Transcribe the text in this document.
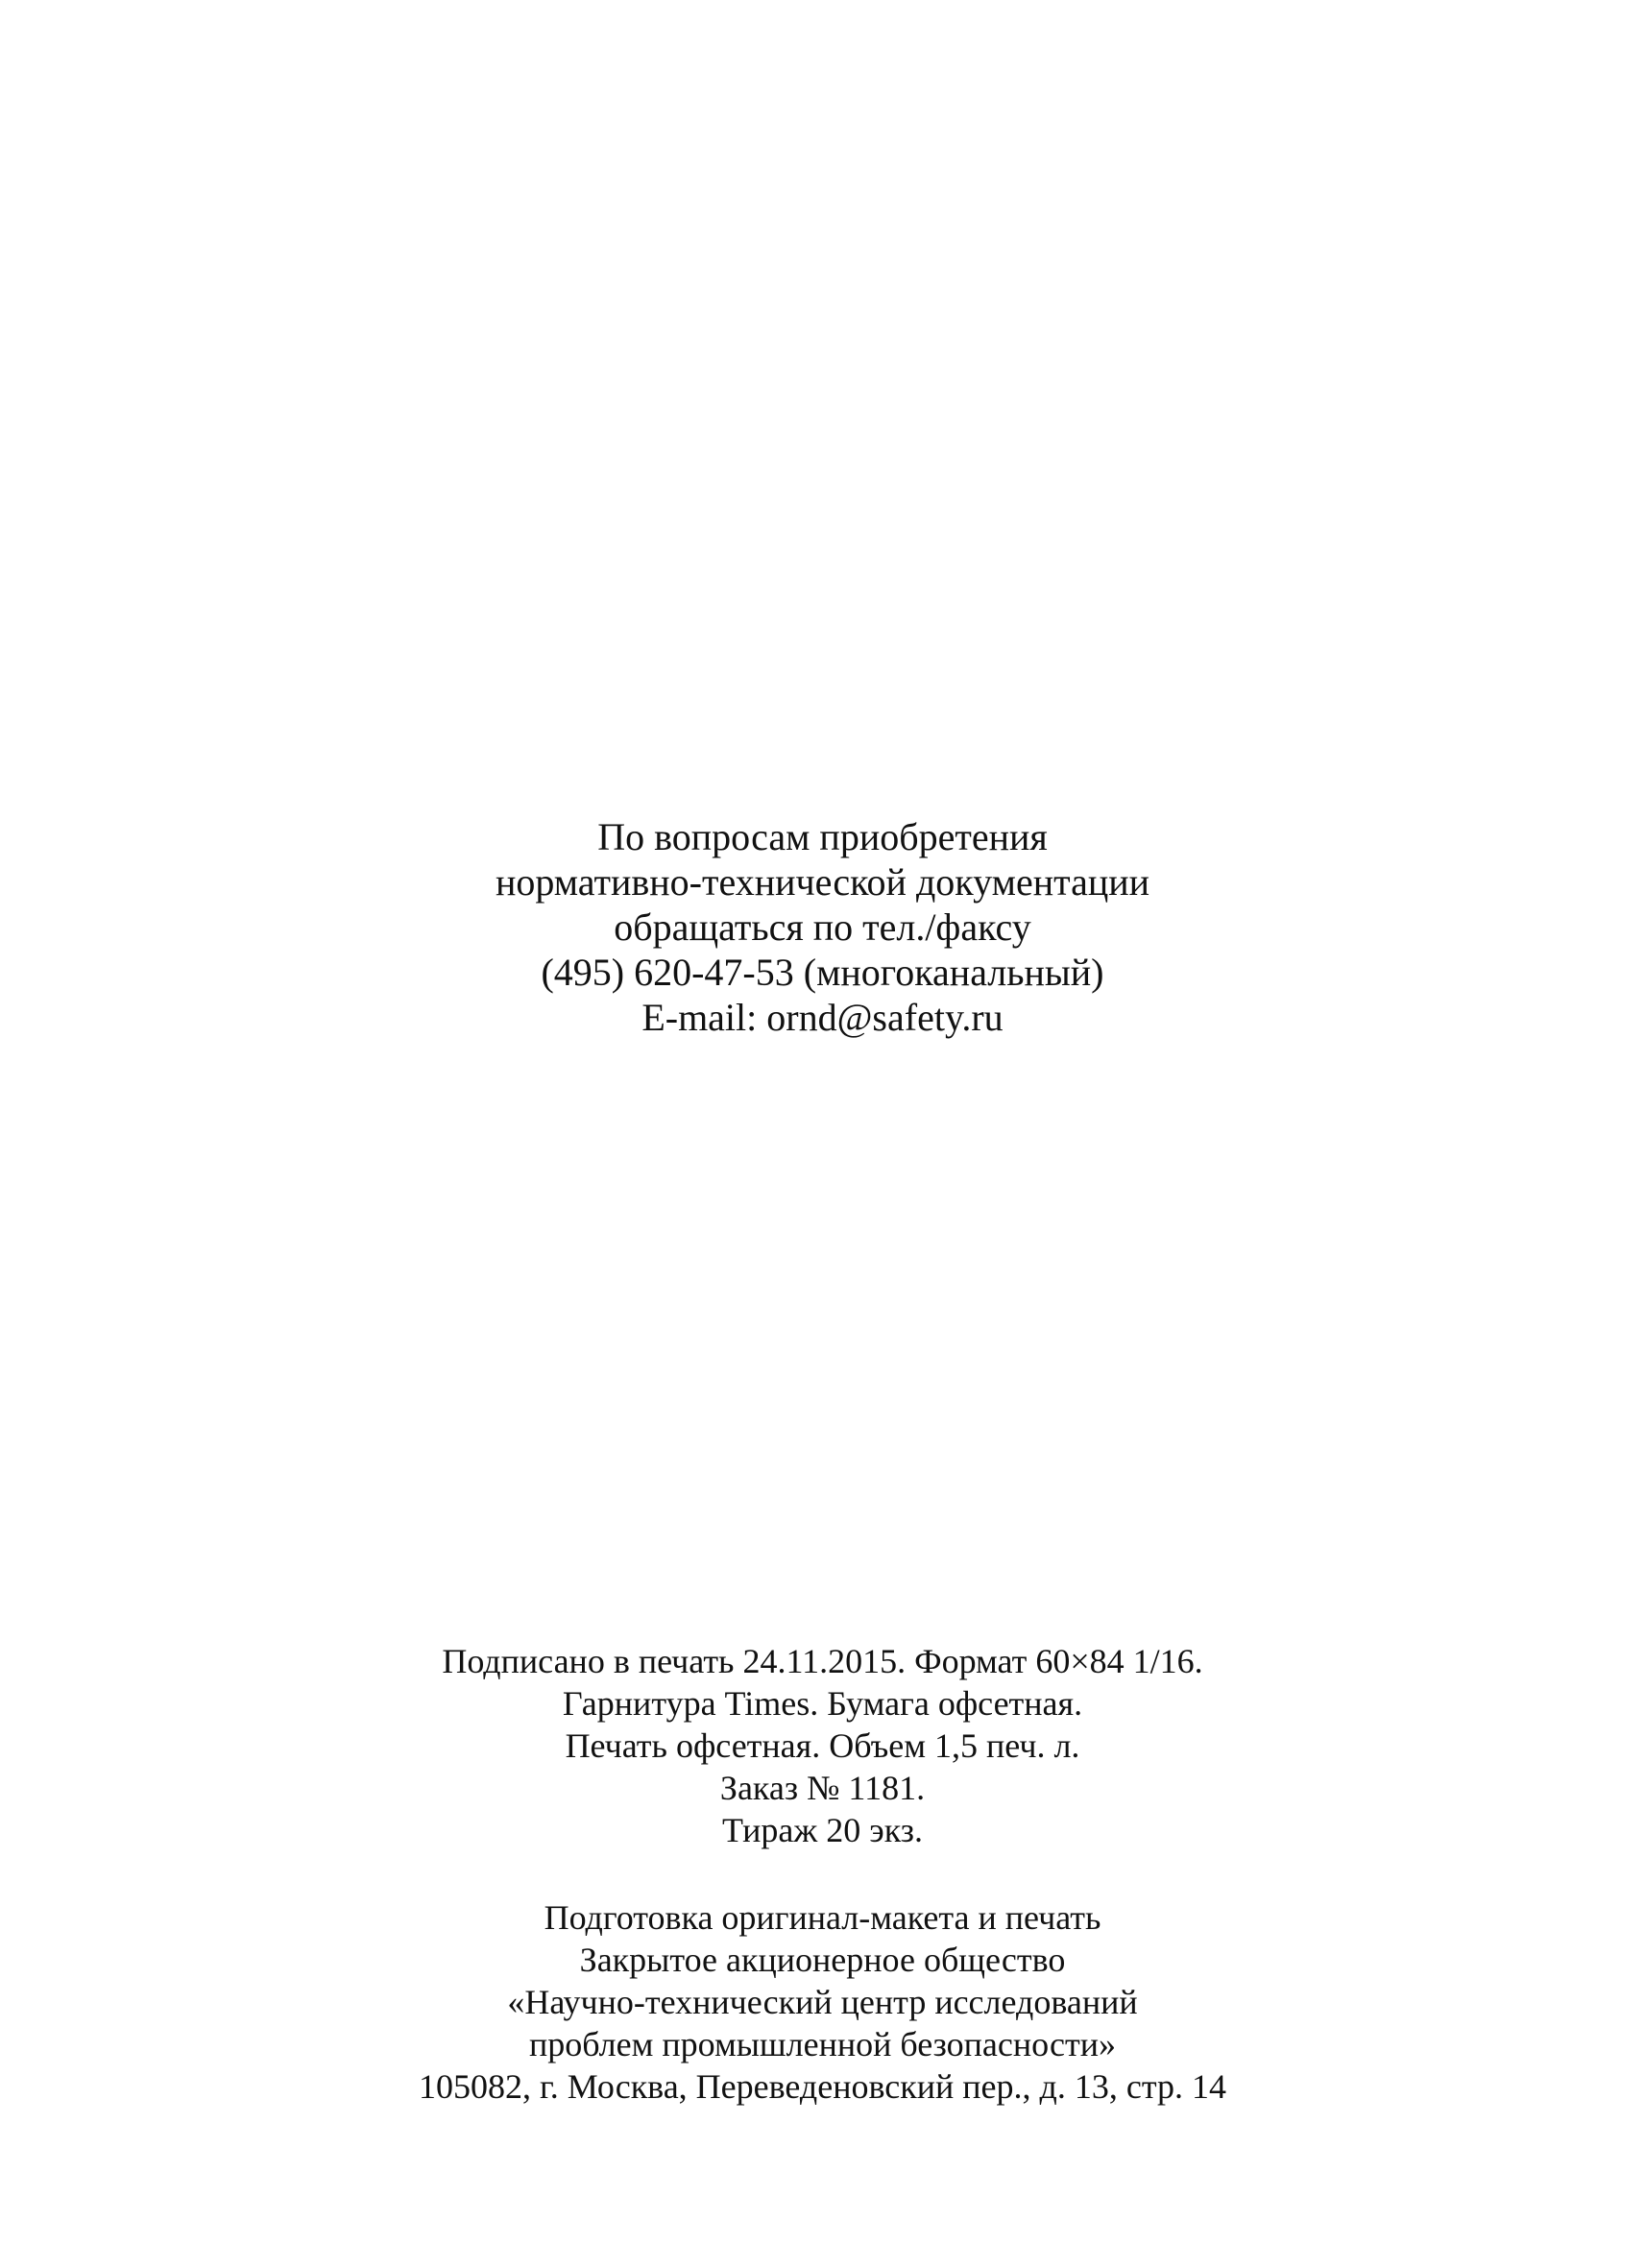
По вопросам приобретения
нормативно-технической документации
обращаться по тел./факсу
(495) 620-47-53 (многоканальный)
E-mail: ornd@safety.ru
Подписано в печать 24.11.2015. Формат 60×84 1/16.
Гарнитура Times. Бумага офсетная.
Печать офсетная. Объем 1,5 печ. л.
Заказ № 1181.
Тираж 20 экз.
Подготовка оригинал-макета и печать
Закрытое акционерное общество
«Научно-технический центр исследований
проблем промышленной безопасности»
105082, г. Москва, Переведеновский пер., д. 13, стр. 14
